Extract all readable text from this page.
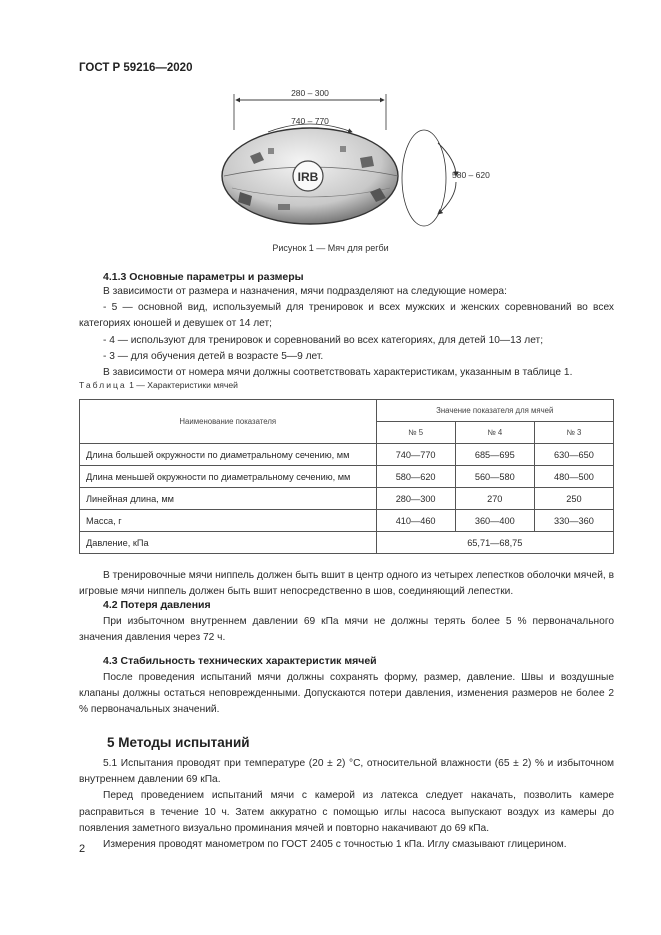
ГОСТ Р 59216—2020
IRB
280 – 300
740 – 770
580 – 620
Рисунок 1 — Мяч для регби
4.1.3 Основные параметры и размеры

В зависимости от размера и назначения, мячи подразделяют на следующие номера:

- 5 — основной вид, используемый для тренировок и всех мужских и женских соревнований во всех категориях юношей и девушек от 14 лет;

- 4 — используют для тренировок и соревнований во всех категориях, для детей 10—13 лет;

- 3 — для обучения детей в возрасте 5—9 лет.

В зависимости от номера мячи должны соответствовать характеристикам, указанным в таблице 1.

Таблица 1 — Характеристики мячей
Наименование показателя	Значение показателя для мячей		
	№ 5	№ 4	№ 3
Длина большей окружности по диаметральному сечению, мм	740—770	685—695	630—650
Длина меньшей окружности по диаметральному сечению, мм	580—620	560—580	480—500
Линейная длина, мм	280—300	270	250
Масса, г	410—460	360—400	330—360
Давление, кПа	65,71—68,75		

В тренировочные мячи ниппель должен быть вшит в центр одного из четырех лепестков оболочки мячей, в игровые мячи ниппель должен быть вшит непосредственно в шов, соединяющий лепестки.

4.2 Потеря давления

При избыточном внутреннем давлении 69 кПа мячи не должны терять более 5 % первоначального значения давления через 72 ч.

4.3 Стабильность технических характеристик мячей

После проведения испытаний мячи должны сохранять форму, размер, давление. Швы и воздушные клапаны должны остаться неповрежденными. Допускаются потери давления, изменения размеров не более 2 % первоначальных значений.

5 Методы испытаний

5.1 Испытания проводят при температуре (20 ± 2) °С, относительной влажности (65 ± 2) % и избыточном внутреннем давлении 69 кПа.

Перед проведением испытаний мячи с камерой из латекса следует накачать, позволить камере расправиться в течение 10 ч. Затем аккуратно с помощью иглы насоса выпускают воздух из камеры до появления заметного визуально проминания мячей и повторно накачивают до 69 кПа.

Измерения проводят манометром по ГОСТ 2405 с точностью 1 кПа. Иглу смазывают глицерином.

2
